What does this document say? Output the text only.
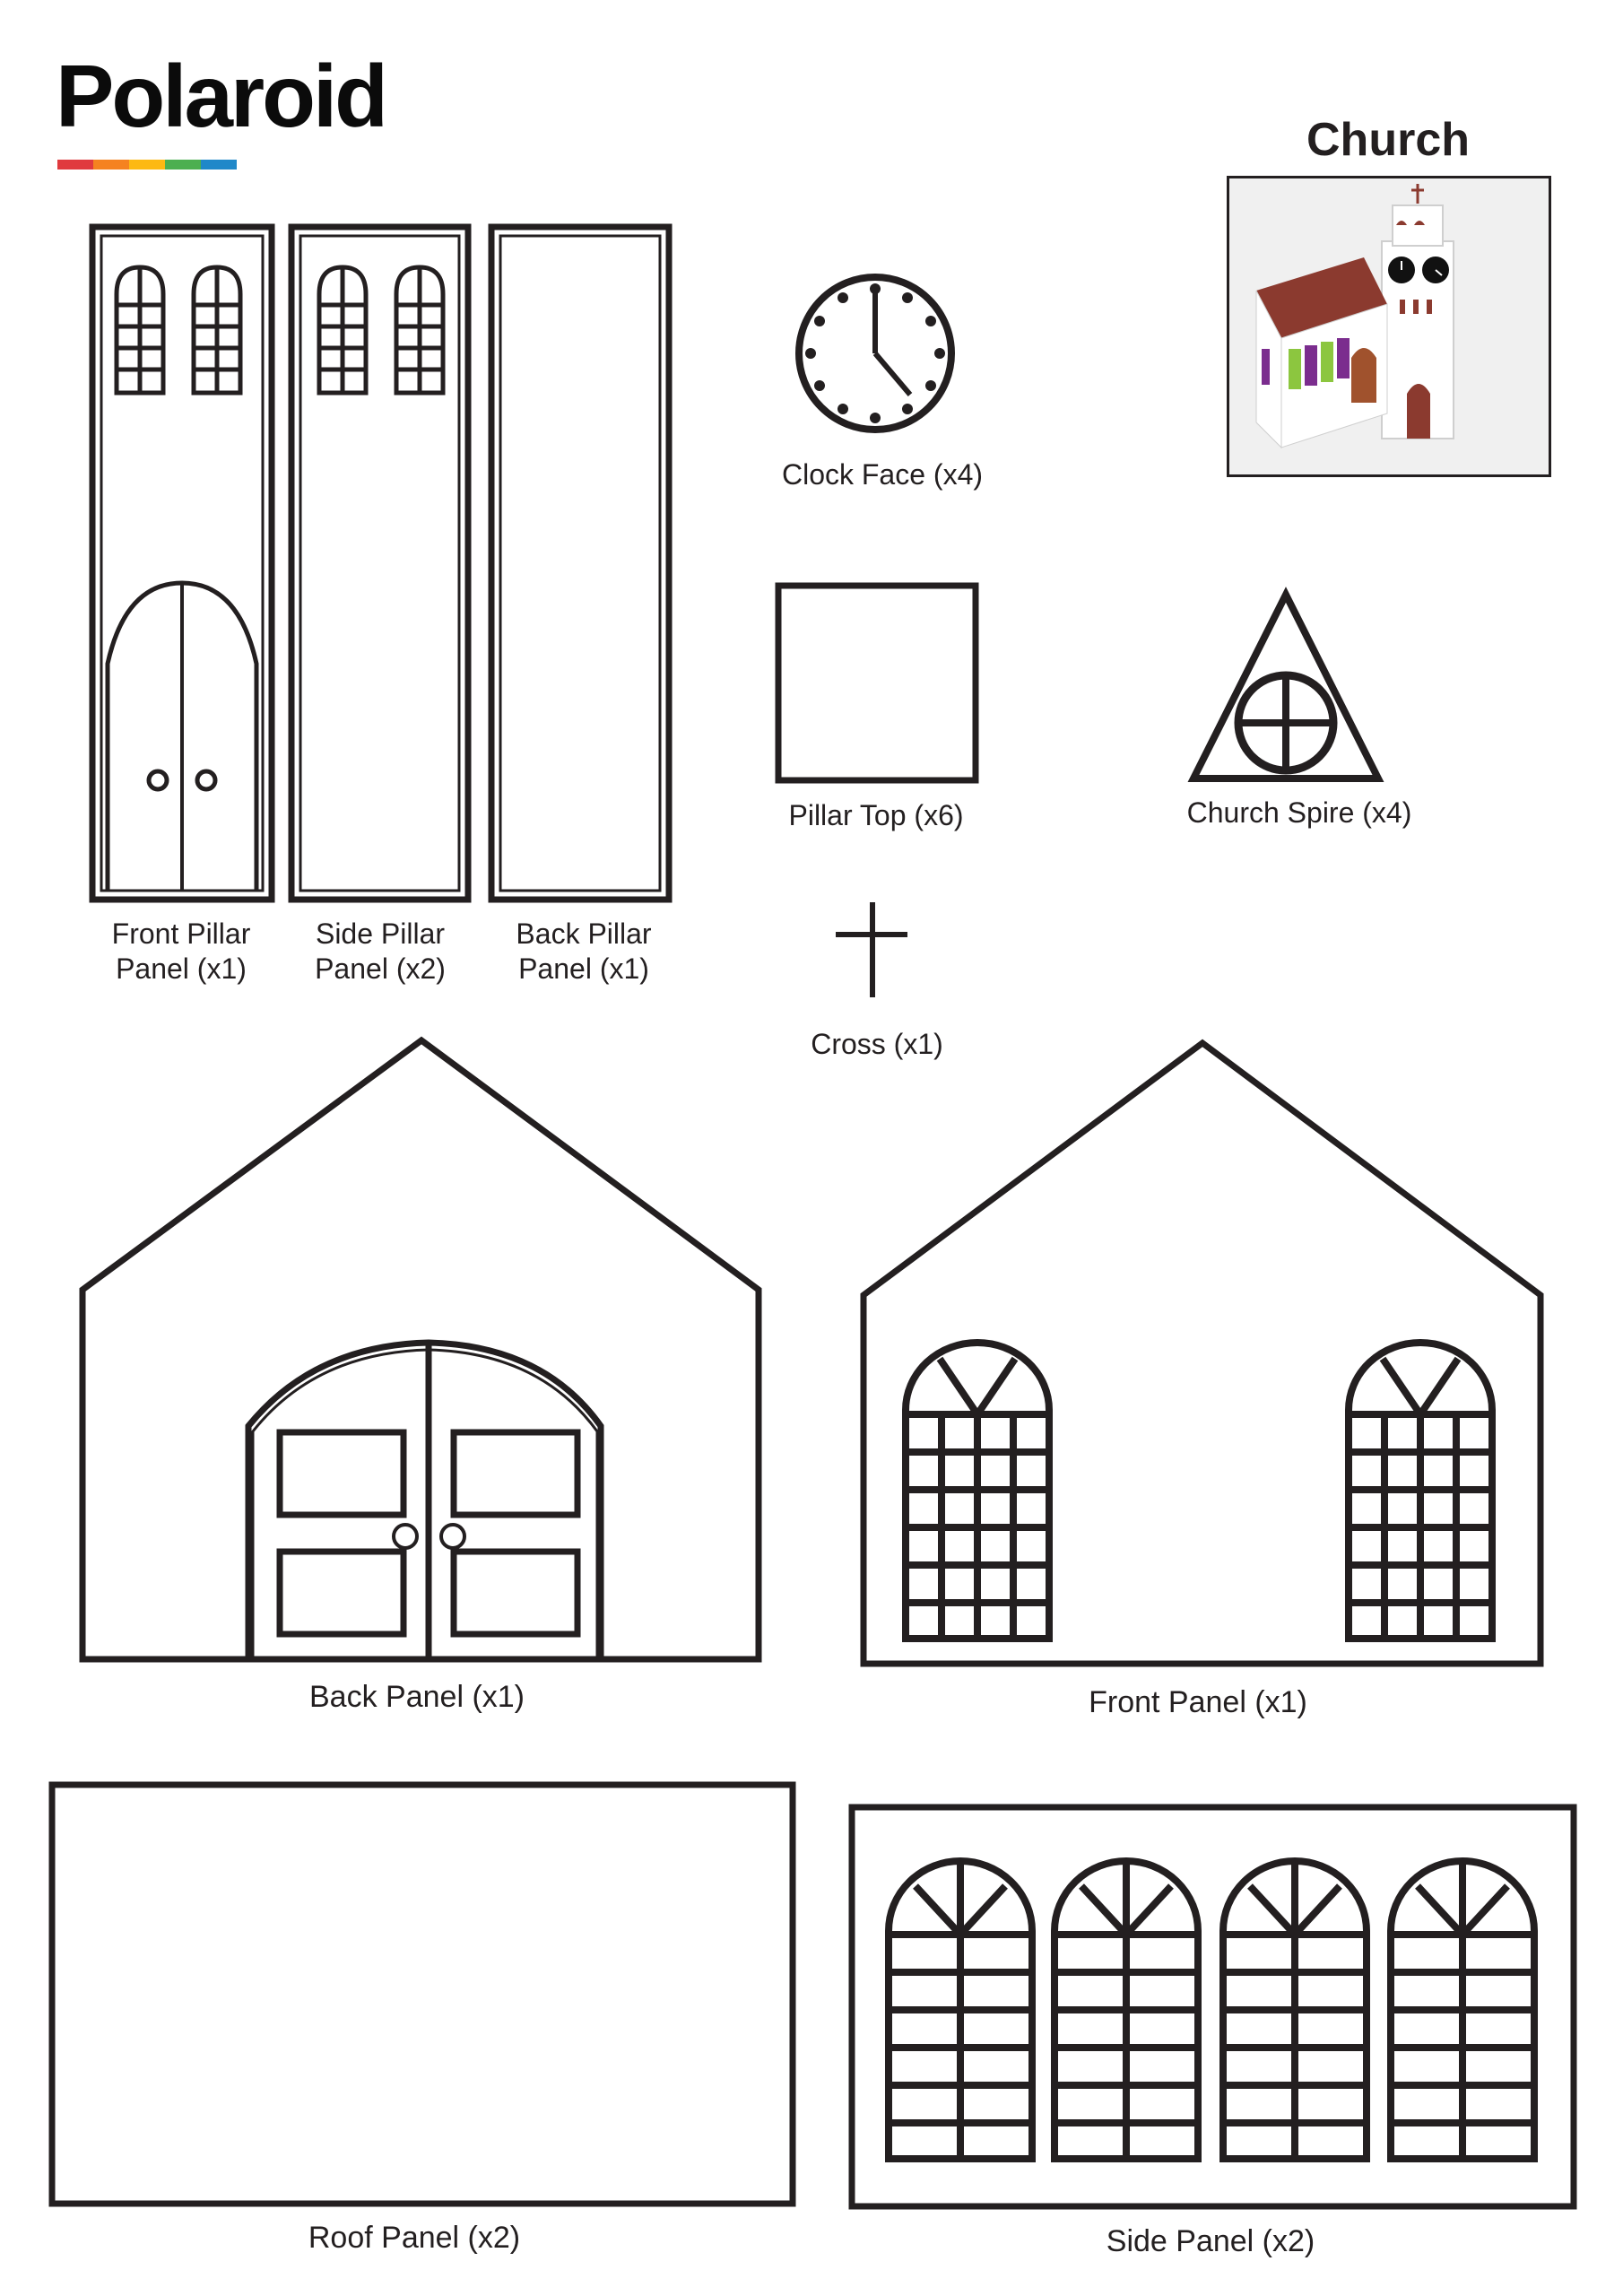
Polaroid	Church
Front Pillar
Panel (x1)
Side Pillar
Panel (x2)
Back Pillar
Panel (x1)
Clock Face (x4)
Pillar Top (x6)	Church Spire (x4)
Cross (x1)
Back Panel (x1)	Front Panel (x1)
Roof Panel (x2)	Side Panel (x2)
